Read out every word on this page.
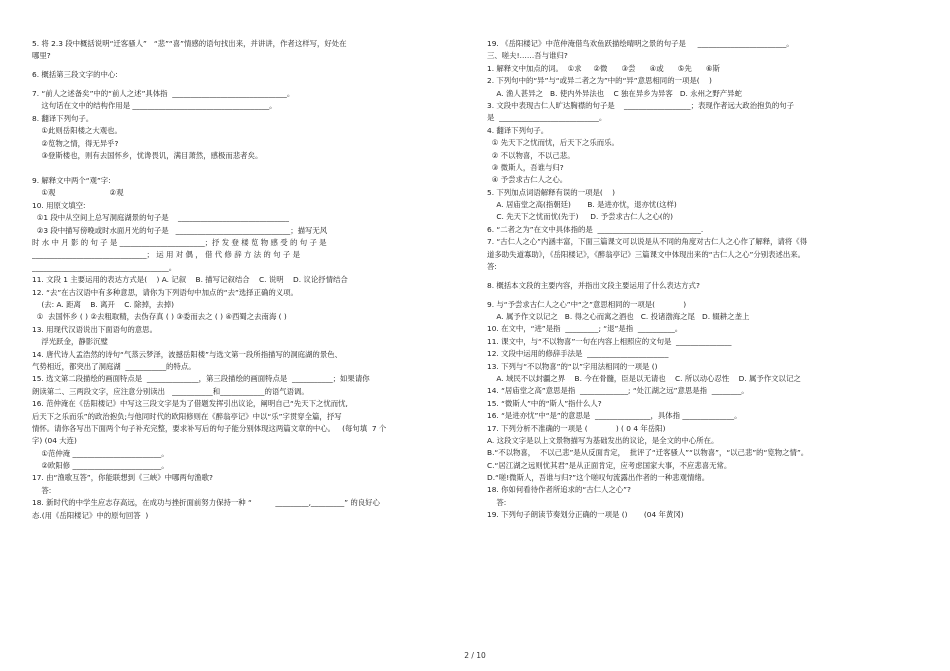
5. 将 2.3 段中概括说明“迁客骚人”   “悲”“喜”情感的语句找出来，并讲讲，作者这样写，好处在
哪里?
6. 概括第三段文字的中心:
7. “前人之述备矣”中的“前人之述”具体指  _______________________________。
这句话在文中的结构作用是 _____________________________________。
8. 翻译下列句子。
①此则岳阳楼之大观也。
②览物之情，得无异乎?
③登斯楼也，则有去国怀乡，忧谗畏讥，满目萧然，感极而悲者矣。
9. 解释文中两个“观”字:
①观                       ②观
10. 用原文填空:
①1 段中从空间上总写洞庭湖景的句子是    ______________________________
②3 段中描写傍晚或时水面月光的句子是   _______________________________；描写无风
时 水 中 月 影 的 句 子 是 _______________________；抒 发 登 楼 览 物 感 受 的 句 子 是
_______________________________； 运 用 对 偶 ， 借 代 修 辞 方 法 的 句 子 是
_____________________________________。
11. 文段 1 主要运用的表达方式是(    ) A. 记叙    B. 描写记叙结合    C. 说明    D. 议论抒情结合
12. “去”在古汉语中有多种意思，请你为下列语句中加点的“去”选择正确的义项。
(去: A. 距离    B. 离开    C. 除掉，去掉)
①  去国怀乡 ( ) ②去粗取精，去伪存真 ( ) ③委而去之 ( ) ④西蜀之去南海 ( )
13. 用现代汉语说出下面语句的意思。
浮光跃金，静影沉璧
14. 唐代诗人孟浩然的诗句“气蒸云梦泽，波撼岳阳楼”与选文第一段所指描写的洞庭湖的景色、
气势相近，都突出了洞庭湖  ___________的特点。
15. 选文第二段描绘的画面特点是  ______________，第三段描绘的画面特点是  ___________；如果请你
朗读第二、三两段文字，应注意分别读出   ___________和____________的语气语调。
16. 范仲淹在《岳阳楼记》中写这三段文字是为了借题发挥引出议论，阐明自己“先天下之忧而忧,
后天下之乐而乐”的政治抱负;与他同时代的欧阳修则在《醉翁亭记》中以“乐”字贯穿全篇，抒写
情怀。请你各写出下面两个句子补充完整，要求补写后的句子能分别体现这两篇文章的中心。   (每句填  7 个
字) (04 大连)
①范仲淹 ________________________。
②欧阳修 ________________________。
17. 由“渔歌互答”，你能联想到《三峡》中哪两句渔歌?
答:
18. 新时代的中学生应志存高远，在成功与挫折面前努力保持一种 “          _________,_________” 的良好心
态.(用《岳阳楼记》中的原句回答  )
19. 《岳阳楼记》中范仲淹借鸟欢鱼跃描绘晴明之景的句子是     ________________________。
三、嗟夫!……吾与谁归?
1. 解释文中加点的词。  ①求     ②微      ③尝      ④或      ⑤先      ⑥斯
2. 下列句中的“异”与“或异二者之为”中的“异”意思相同的一项是(    )
A. 渔人甚异之   B. 使内外异法也    C 独在异乡为异客   D. 永州之野产异蛇
3. 文段中表现古仁人旷达胸襟的句子是    __________________；表现作者远大政治抱负的句子
是  ___________________________。
4. 翻译下列句子。
① 先天下之忧而忧，后天下之乐而乐。
② 不以物喜，不以己悲。
③ 微斯人，吾谁与归?
④ 予尝求古仁人之心。
5. 下列加点词语解释有误的一项是(    )
A. 居庙堂之高(指朝廷)       B. 是进亦忧，退亦忧(这样)
C. 先天下之忧而忧(先于)     D. 予尝求古仁人之心(的)
6. “二者之为”在文中具体指的是  ____________________________.
7. “古仁人之心”内涵丰富，下面三篇课文可以说是从不同的角度对古仁人之心作了解释，请将《得
道多助失道寡助》，《岳阳楼记》，《醉翁亭记》三篇课文中体现出来的“古仁人之心”分别表述出来。
答:
8. 概括本文段的主要内容，并指出文段主要运用了什么表达方式?
9. 与“予尝求古仁人之心”中“之”意思相同的一项是(            )
A. 属予作文以记之   B. 得之心而寓之酒也   C. 投诸渤海之尾   D. 辍耕之垄上
10. 在文中，“进”是指  _________; “退”是指  __________。
11. 课文中，与“不以物喜”一句在内容上相照应的文句是  _______________
12. 文段中运用的修辞手法是  ______________________
13. 下列与“不以物喜”的“以”字用法相同的一项是 ()
A. 域民不以封疆之界    B. 今在骨髓，臣是以无请也    C. 所以动心忍性    D. 属予作文以记之
14. “居庙堂之高”意思是指  _____________; “处江湖之远”意思是指  ________。
15. “微斯人”中的“斯人”指什么人?
16. “是进亦忧”中“是”的意思是  _______________，具体指 ______________。
17. 下列分析不准确的一项是 (            ) ( 0 4 年岳阳)
A. 这段文字是以上文景物描写为基础发出的议论，是全文的中心所在。
B.“不以物喜，  不以己悲”是从反面肯定，  批评了“迁客骚人”“以物喜”，“以己悲”的“览物之情”。
C.“居江湖之远则忧其君”是从正面肯定，应考虑国家大事，不应悲喜无常。
D.“嗟!微斯人，吾谁与归?”这个嗟叹句流露出作者的一种悲观情绪。
18. 你如何看待作者所追求的“古仁人之心”?
答:
19. 下列句子朗读节奏划分正确的一项是 ()       (04 年黄冈)
2 / 10
